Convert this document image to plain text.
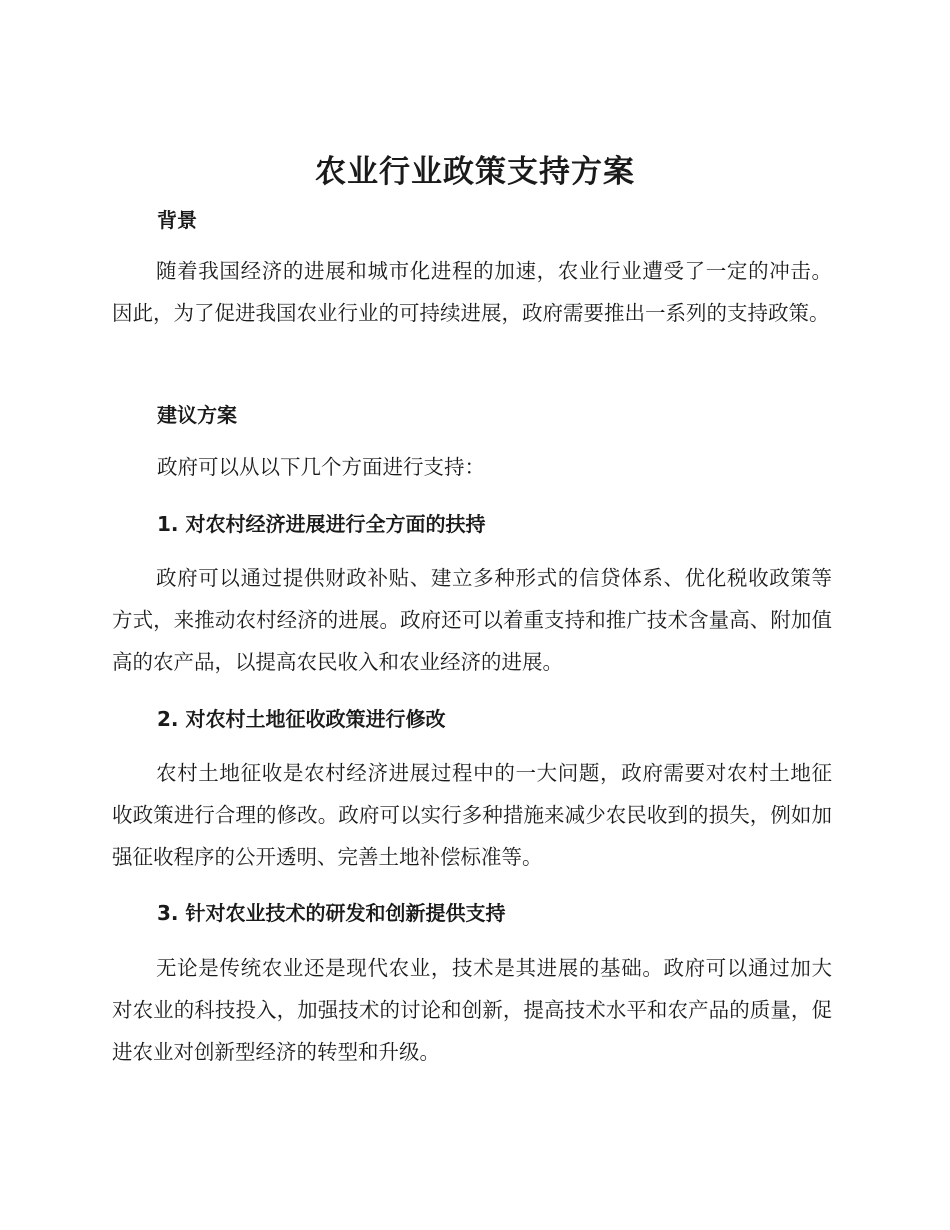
农业行业政策支持方案
背景

随着我国经济的进展和城市化进程的加速，农业行业遭受了一定的冲击。因此，为了促进我国农业行业的可持续进展，政府需要推出一系列的支持政策。

建议方案

政府可以从以下几个方面进行支持：

1. 对农村经济进展进行全方面的扶持

政府可以通过提供财政补贴、建立多种形式的信贷体系、优化税收政策等方式，来推动农村经济的进展。政府还可以着重支持和推广技术含量高、附加值高的农产品，以提高农民收入和农业经济的进展。

2. 对农村土地征收政策进行修改

农村土地征收是农村经济进展过程中的一大问题，政府需要对农村土地征收政策进行合理的修改。政府可以实行多种措施来减少农民收到的损失，例如加强征收程序的公开透明、完善土地补偿标准等。

3. 针对农业技术的研发和创新提供支持

无论是传统农业还是现代农业，技术是其进展的基础。政府可以通过加大对农业的科技投入，加强技术的讨论和创新，提高技术水平和农产品的质量，促进农业对创新型经济的转型和升级。
